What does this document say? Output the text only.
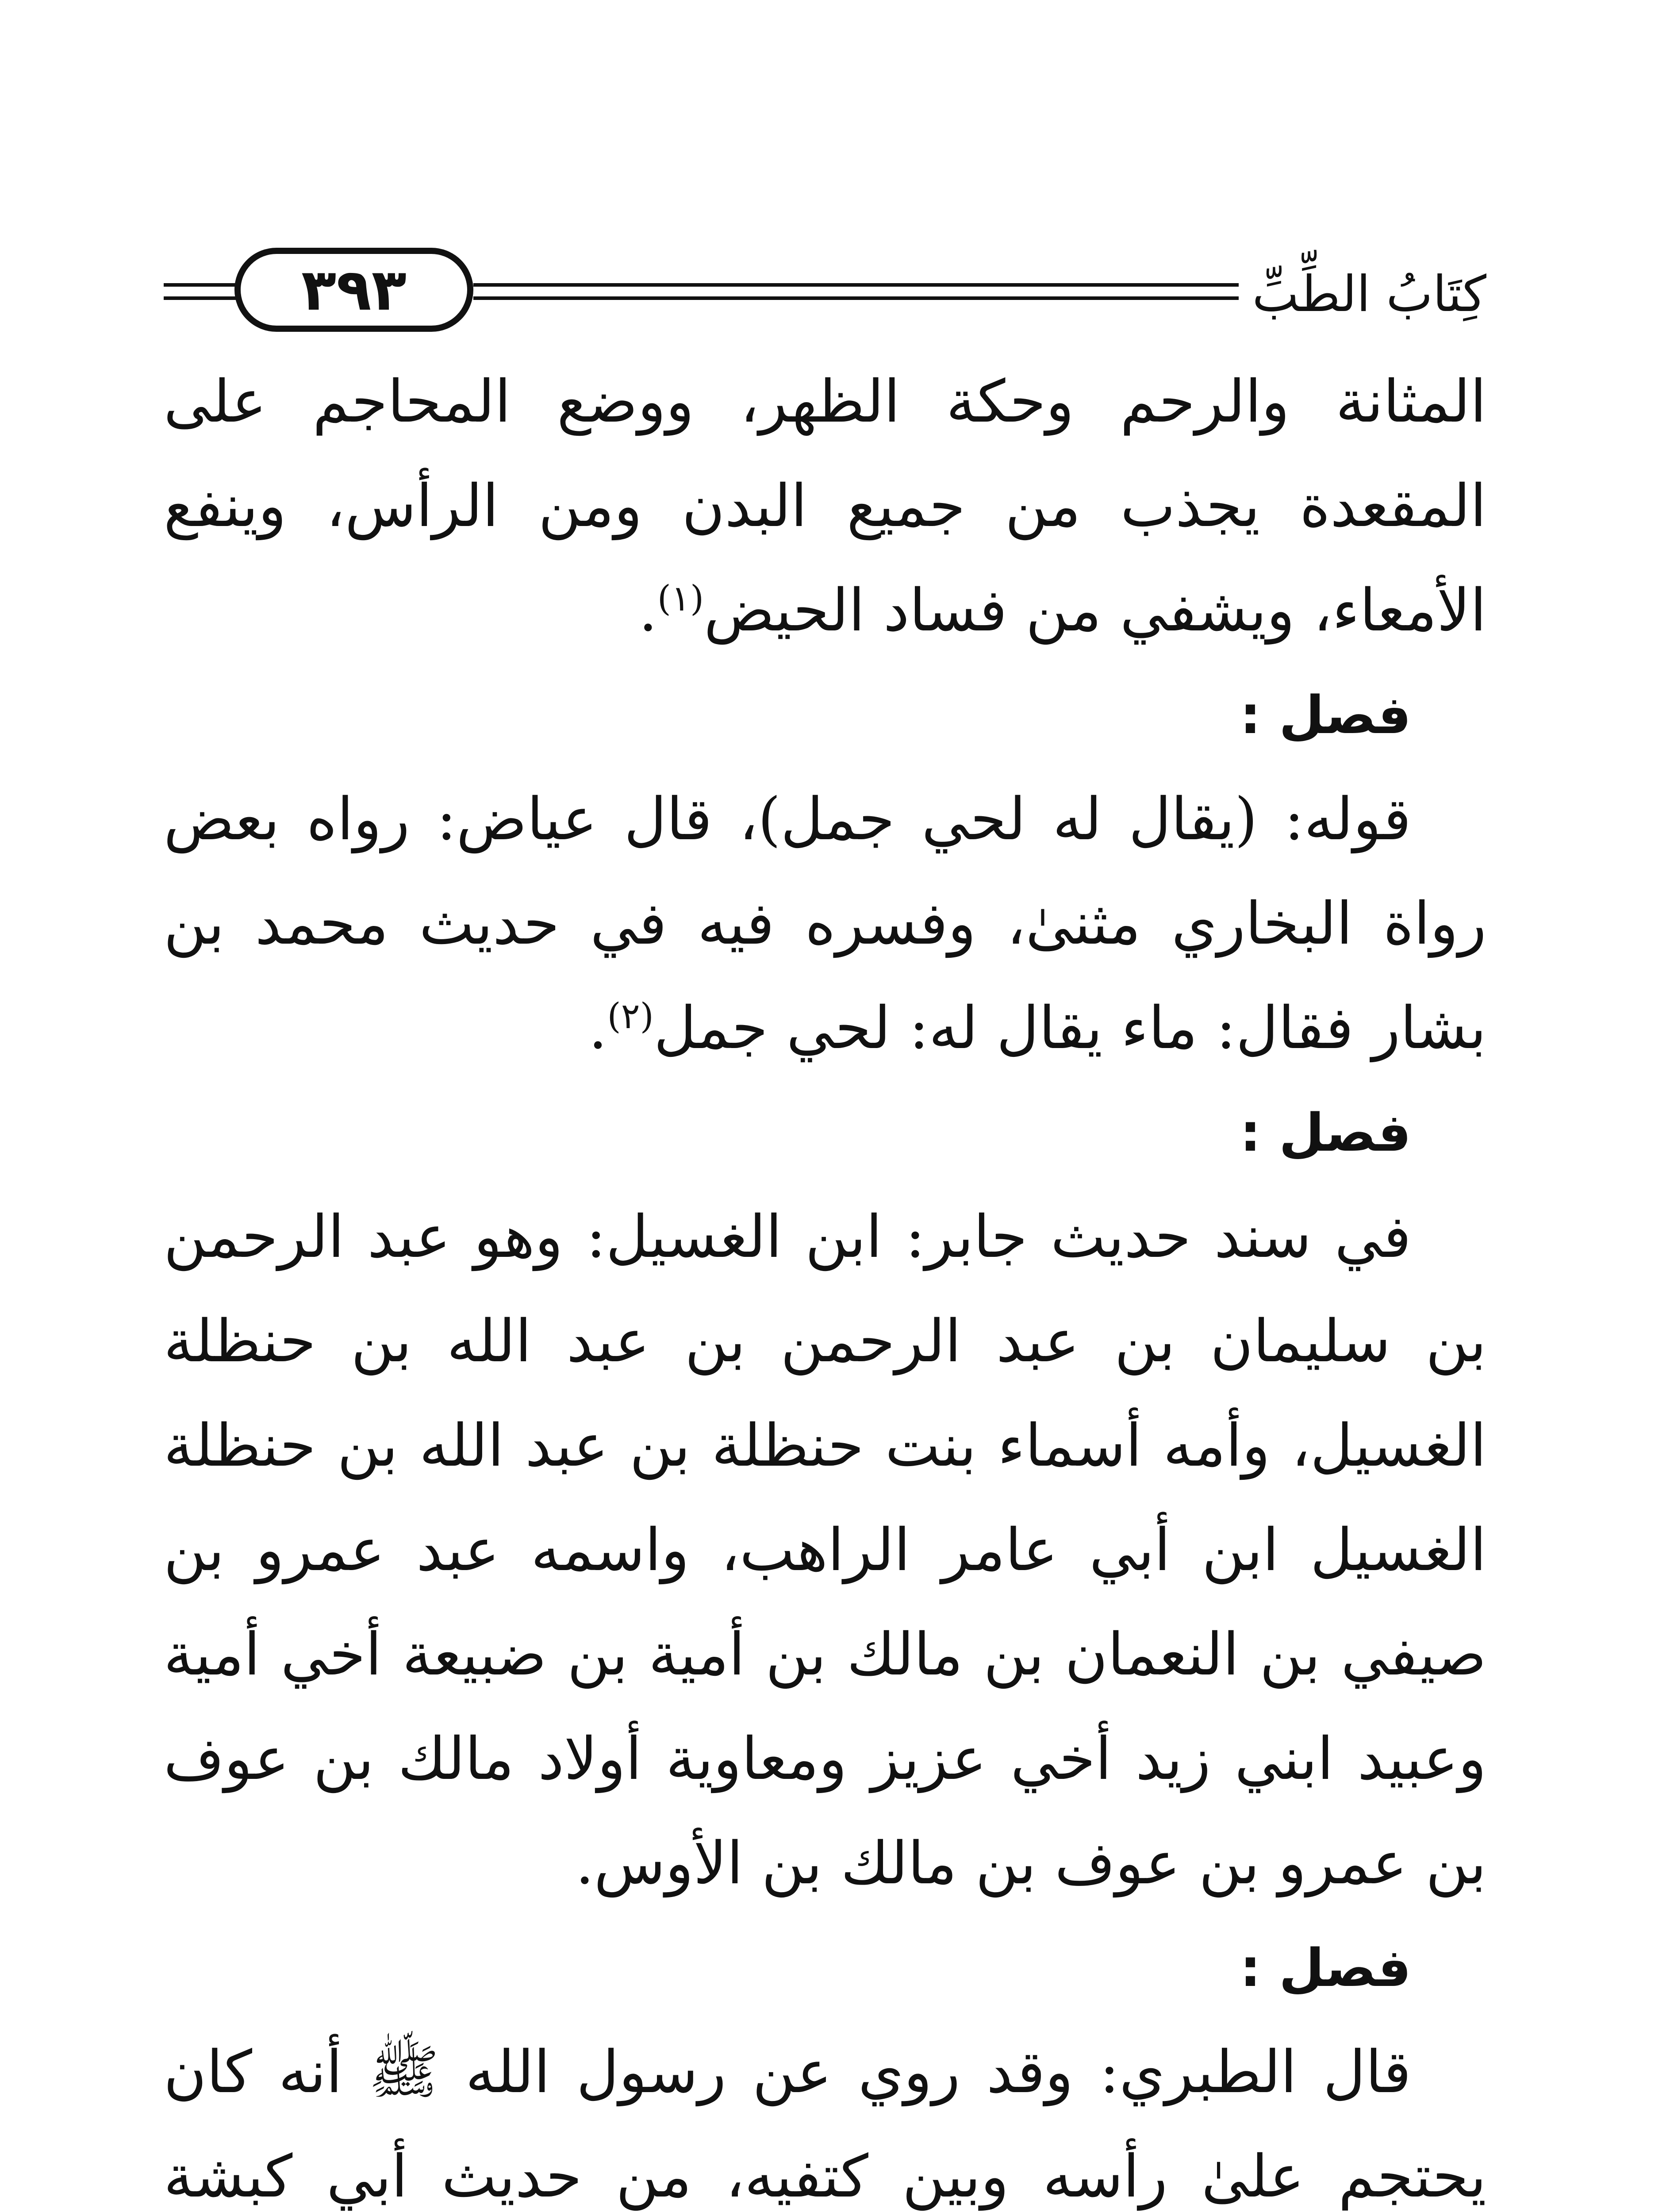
كِتَابُ الطِّبِّ
٣٩٣

المثانة والرحم وحكة الظهر، ووضع المحاجم على المقعدة يجذب من جميع البدن ومن الرأس، وينفع الأمعاء، ويشفي من فساد الحيض$^{(١)}$.

فصل :

قوله: (يقال له لحي جمل)، قال عياض: رواه بعض رواة البخاري مثنىٰ، وفسره فيه في حديث محمد بن بشار فقال: ماء يقال له: لحي جمل$^{(٢)}$.

فصل :

في سند حديث جابر: ابن الغسيل: وهو عبد الرحمن بن سليمان بن عبد الرحمن بن عبد الله بن حنظلة الغسيل، وأمه أسماء بنت حنظلة بن عبد الله بن حنظلة الغسيل ابن أبي عامر الراهب، واسمه عبد عمرو بن صيفي بن النعمان بن مالك بن أمية بن ضبيعة أخي أمية وعبيد ابني زيد أخي عزيز ومعاوية أولاد مالك بن عوف بن عمرو بن عوف بن مالك بن الأوس.

فصل :

قال الطبري: وقد روي عن رسول الله ﷺ أنه كان يحتجم علىٰ رأسه وبين كتفيه، من حديث أبي كبشة
